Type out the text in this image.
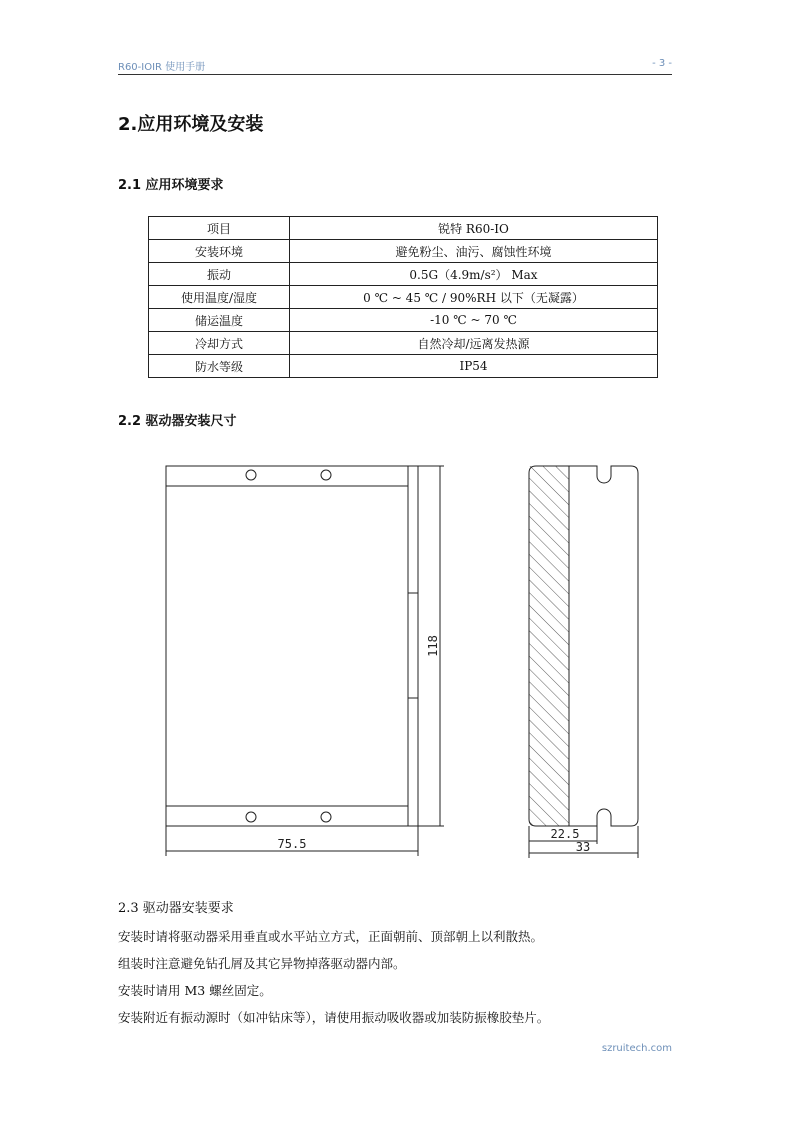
R60-IOIR 使用手册	- 3 -
2.应用环境及安装
2.1 应用环境要求
项目	锐特 R60-IO
安装环境	避免粉尘、油污、腐蚀性环境
振动	0.5G（4.9m/s²） Max
使用温度/湿度	0 ℃ ~ 45 ℃ / 90%RH 以下（无凝露）
储运温度	-10 ℃ ~ 70 ℃
冷却方式	自然冷却/远离发热源
防水等级	IP54
2.2 驱动器安装尺寸
118
75.5
22.5
33
2.3 驱动器安装要求
安装时请将驱动器采用垂直或水平站立方式，正面朝前、顶部朝上以利散热。
组装时注意避免钻孔屑及其它异物掉落驱动器内部。
安装时请用 M3 螺丝固定。
安装附近有振动源时（如冲钻床等），请使用振动吸收器或加装防振橡胶垫片。
szruitech.com
